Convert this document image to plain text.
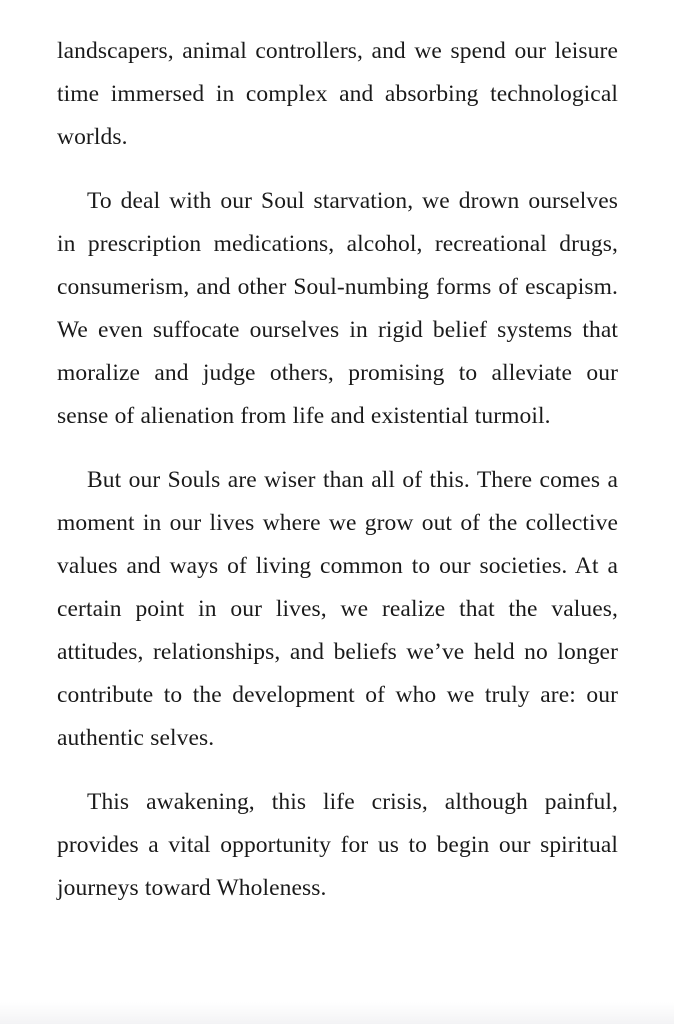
landscapers, animal controllers, and we spend our leisure time immersed in complex and absorbing technological worlds.

To deal with our Soul starvation, we drown ourselves in prescription medications, alcohol, recreational drugs, consumerism, and other Soul-numbing forms of escapism. We even suffocate ourselves in rigid belief systems that moralize and judge others, promising to alleviate our sense of alienation from life and existential turmoil.

But our Souls are wiser than all of this. There comes a moment in our lives where we grow out of the collective values and ways of living common to our societies. At a certain point in our lives, we realize that the values, attitudes, relationships, and beliefs we’ve held no longer contribute to the development of who we truly are: our authentic selves.

This awakening, this life crisis, although painful, provides a vital opportunity for us to begin our spiritual journeys toward Wholeness.
